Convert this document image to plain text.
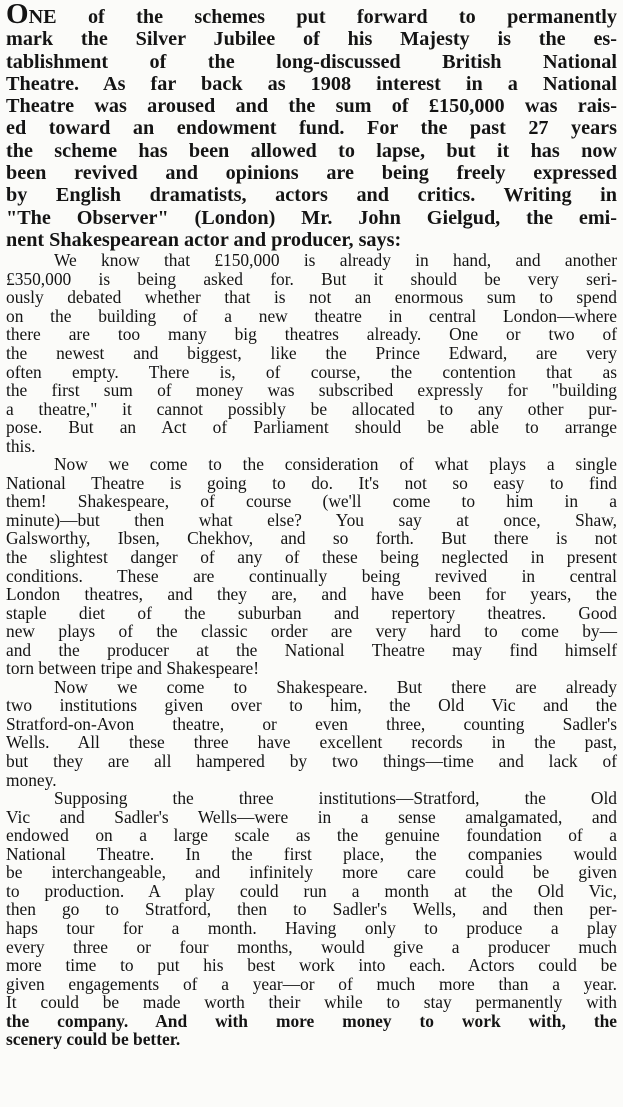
ONE of the schemes put forward to permanently
mark the Silver Jubilee of his Majesty is the es-
tablishment of the long-discussed British National
Theatre. As far back as 1908 interest in a National
Theatre was aroused and the sum of £150,000 was rais-
ed toward an endowment fund. For the past 27 years
the scheme has been allowed to lapse, but it has now
been revived and opinions are being freely expressed
by English dramatists, actors and critics. Writing in
"The Observer" (London) Mr. John Gielgud, the emi-
nent Shakespearean actor and producer, says:

We know that £150,000 is already in hand, and another
£350,000 is being asked for. But it should be very seri-
ously debated whether that is not an enormous sum to spend
on the building of a new theatre in central London—where
there are too many big theatres already. One or two of
the newest and biggest, like the Prince Edward, are very
often empty. There is, of course, the contention that as
the first sum of money was subscribed expressly for "building
a theatre," it cannot possibly be allocated to any other pur-
pose. But an Act of Parliament should be able to arrange
this.

Now we come to the consideration of what plays a single
National Theatre is going to do. It's not so easy to find
them! Shakespeare, of course (we'll come to him in a
minute)—but then what else? You say at once, Shaw,
Galsworthy, Ibsen, Chekhov, and so forth. But there is not
the slightest danger of any of these being neglected in present
conditions. These are continually being revived in central
London theatres, and they are, and have been for years, the
staple diet of the suburban and repertory theatres. Good
new plays of the classic order are very hard to come by—
and the producer at the National Theatre may find himself
torn between tripe and Shakespeare!

Now we come to Shakespeare. But there are already
two institutions given over to him, the Old Vic and the
Stratford-on-Avon theatre, or even three, counting Sadler's
Wells. All these three have excellent records in the past,
but they are all hampered by two things—time and lack of
money.

Supposing the three institutions—Stratford, the Old
Vic and Sadler's Wells—were in a sense amalgamated, and
endowed on a large scale as the genuine foundation of a
National Theatre. In the first place, the companies would
be interchangeable, and infinitely more care could be given
to production. A play could run a month at the Old Vic,
then go to Stratford, then to Sadler's Wells, and then per-
haps tour for a month. Having only to produce a play
every three or four months, would give a producer much
more time to put his best work into each. Actors could be
given engagements of a year—or of much more than a year.
It could be made worth their while to stay permanently with
the company. And with more money to work with, the
scenery could be better.
